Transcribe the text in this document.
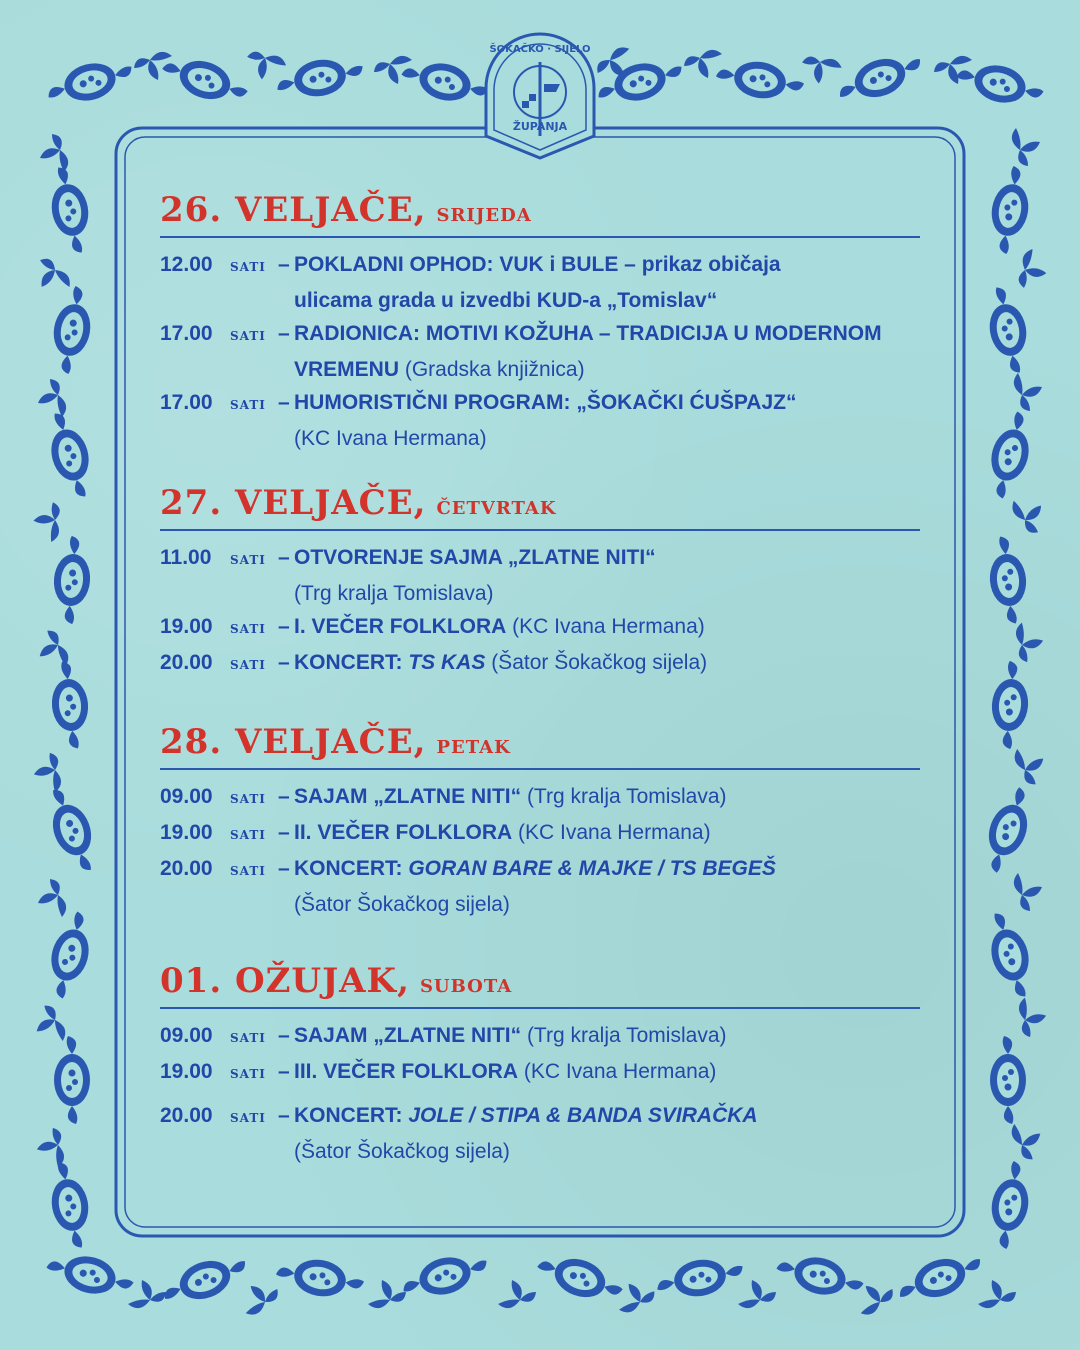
ŠOKAČKO · SIJELO
ŽUPANJA
26. VELJAČE, srijeda
12.00	SATI – POKLADNI OPHOD: VUK i BULE – prikaz običaja
ulicama grada u izvedbi KUD-a „Tomislav“
17.00	SATI – RADIONICA: MOTIVI KOŽUHA – TRADICIJA U MODERNOM
VREMENU (Gradska knjižnica)
17.00	SATI – HUMORISTIČNI PROGRAM: „ŠOKAČKI ĆUŠPAJZ“
(KC Ivana Hermana)
27. VELJAČE, četvrtak
11.00	SATI – OTVORENJE SAJMA „ZLATNE NITI“
(Trg kralja Tomislava)
19.00	SATI – I. VEČER FOLKLORA (KC Ivana Hermana)
20.00	SATI – KONCERT: TS KAS (Šator Šokačkog sijela)
28. VELJAČE, petak
09.00	SATI – SAJAM „ZLATNE NITI“ (Trg kralja Tomislava)
19.00	SATI – II. VEČER FOLKLORA (KC Ivana Hermana)
20.00	SATI – KONCERT: GORAN BARE & MAJKE / TS BEGEŠ
(Šator Šokačkog sijela)
01. OŽUJAK, subota
09.00	SATI – SAJAM „ZLATNE NITI“ (Trg kralja Tomislava)
19.00	SATI – III. VEČER FOLKLORA (KC Ivana Hermana)
20.00	SATI – KONCERT: JOLE / STIPA & BANDA SVIRAČKA
(Šator Šokačkog sijela)
